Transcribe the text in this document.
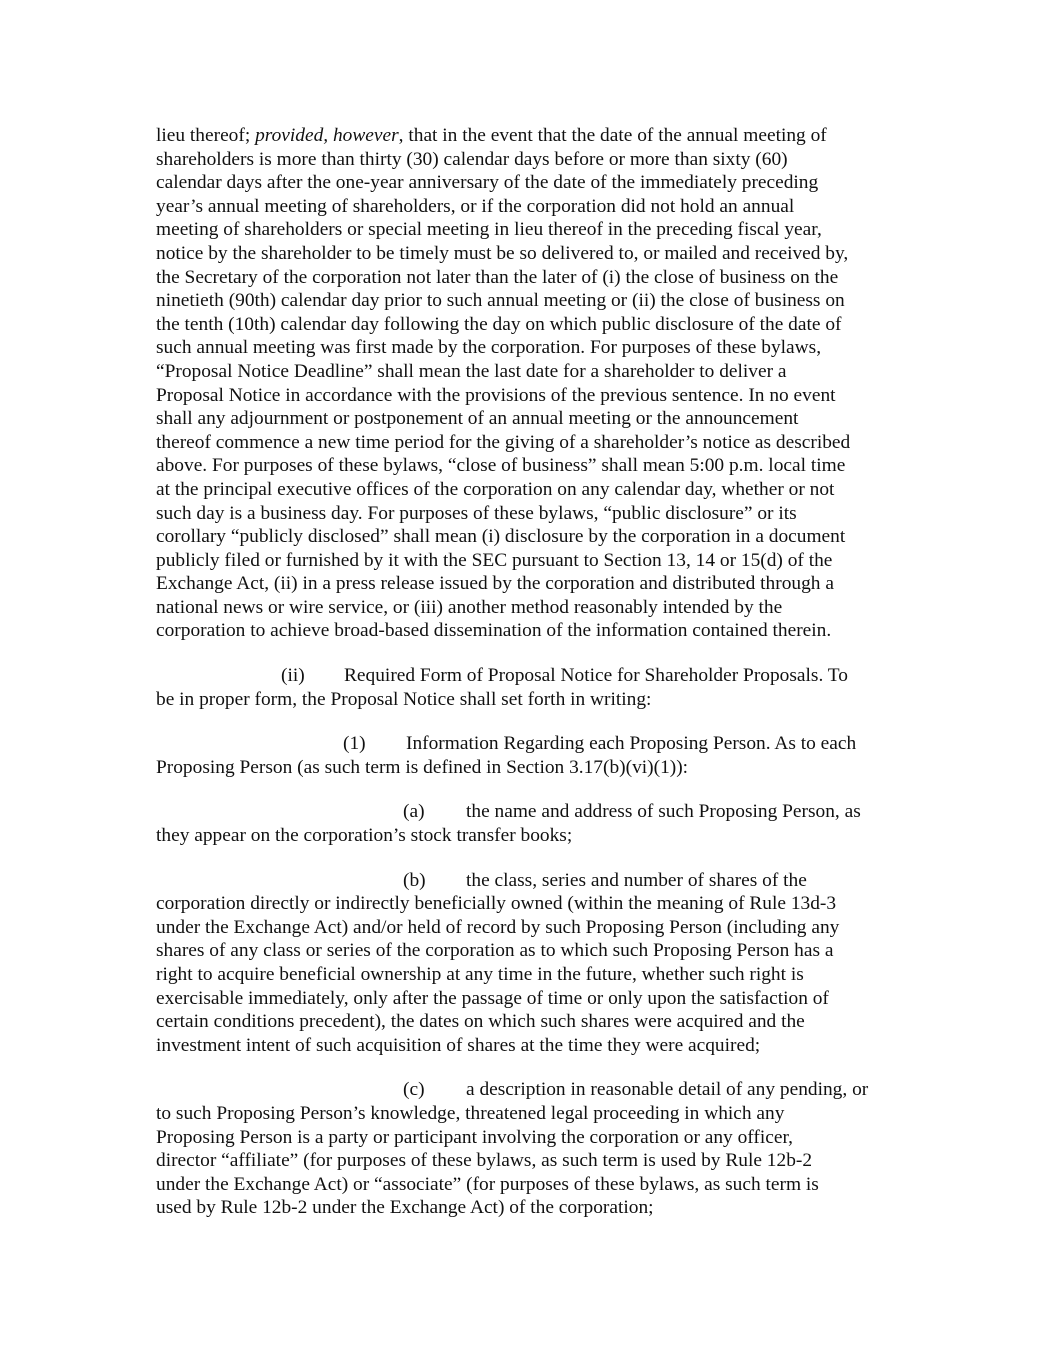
lieu thereof; provided, however, that in the event that the date of the annual meeting of
shareholders is more than thirty (30) calendar days before or more than sixty (60)
calendar days after the one-year anniversary of the date of the immediately preceding
year’s annual meeting of shareholders, or if the corporation did not hold an annual
meeting of shareholders or special meeting in lieu thereof in the preceding fiscal year,
notice by the shareholder to be timely must be so delivered to, or mailed and received by,
the Secretary of the corporation not later than the later of (i) the close of business on the
ninetieth (90th) calendar day prior to such annual meeting or (ii) the close of business on
the tenth (10th) calendar day following the day on which public disclosure of the date of
such annual meeting was first made by the corporation. For purposes of these bylaws,
“Proposal Notice Deadline” shall mean the last date for a shareholder to deliver a
Proposal Notice in accordance with the provisions of the previous sentence. In no event
shall any adjournment or postponement of an annual meeting or the announcement
thereof commence a new time period for the giving of a shareholder’s notice as described
above. For purposes of these bylaws, “close of business” shall mean 5:00 p.m. local time
at the principal executive offices of the corporation on any calendar day, whether or not
such day is a business day. For purposes of these bylaws, “public disclosure” or its
corollary “publicly disclosed” shall mean (i) disclosure by the corporation in a document
publicly filed or furnished by it with the SEC pursuant to Section 13, 14 or 15(d) of the
Exchange Act, (ii) in a press release issued by the corporation and distributed through a
national news or wire service, or (iii) another method reasonably intended by the
corporation to achieve broad-based dissemination of the information contained therein.

(ii) Required Form of Proposal Notice for Shareholder Proposals. To
be in proper form, the Proposal Notice shall set forth in writing:

(1) Information Regarding each Proposing Person. As to each
Proposing Person (as such term is defined in Section 3.17(b)(vi)(1)):

(a) the name and address of such Proposing Person, as
they appear on the corporation’s stock transfer books;

(b) the class, series and number of shares of the
corporation directly or indirectly beneficially owned (within the meaning of Rule 13d-3
under the Exchange Act) and/or held of record by such Proposing Person (including any
shares of any class or series of the corporation as to which such Proposing Person has a
right to acquire beneficial ownership at any time in the future, whether such right is
exercisable immediately, only after the passage of time or only upon the satisfaction of
certain conditions precedent), the dates on which such shares were acquired and the
investment intent of such acquisition of shares at the time they were acquired;

(c) a description in reasonable detail of any pending, or
to such Proposing Person’s knowledge, threatened legal proceeding in which any
Proposing Person is a party or participant involving the corporation or any officer,
director “affiliate” (for purposes of these bylaws, as such term is used by Rule 12b-2
under the Exchange Act) or “associate” (for purposes of these bylaws, as such term is
used by Rule 12b-2 under the Exchange Act) of the corporation;
